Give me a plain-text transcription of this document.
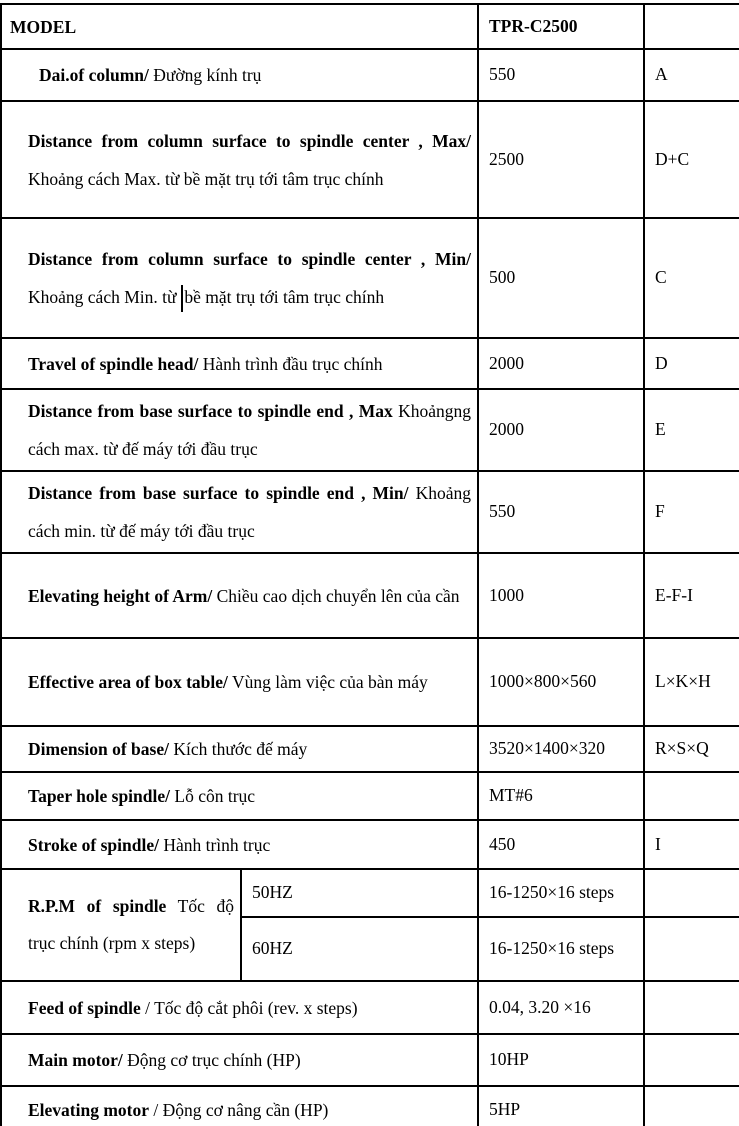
MODEL		TPR-C2500	
Dai.of column/ Đường kính trụ		550	A
Distance from column surface to spindle center , Max/ Khoảng cách Max. từ bề mặt trụ tới tâm trục chính		2500	D+C
Distance from column surface to spindle center , Min/ Khoảng cách Min. từ bề mặt trụ tới tâm trục chính		500	C
Travel of spindle head/ Hành trình đầu trục chính		2000	D
Distance from base surface to spindle end , Max Khoảngng cách max. từ đế máy tới đầu trục		2000	E
Distance from base surface to spindle end , Min/ Khoảng cách min. từ đế máy tới đầu trục		550	F
Elevating height of Arm/ Chiều cao dịch chuyển lên của cần		1000	E-F-I
Effective area of box table/ Vùng làm việc của bàn máy		1000×800×560	L×K×H
Dimension of base/ Kích thước đế máy		3520×1400×320	R×S×Q
Taper hole spindle/ Lỗ côn trục		MT#6	
Stroke of spindle/ Hành trình trục		450	I
R.P.M of spindle Tốc độ trục chính (rpm x steps)	50HZ	16-1250×16 steps	
	60HZ	16-1250×16 steps	
Feed of spindle / Tốc độ cắt phôi (rev. x steps)		0.04, 3.20 ×16	
Main motor/ Động cơ trục chính (HP)		10HP	
Elevating motor / Động cơ nâng cần (HP)		5HP	
